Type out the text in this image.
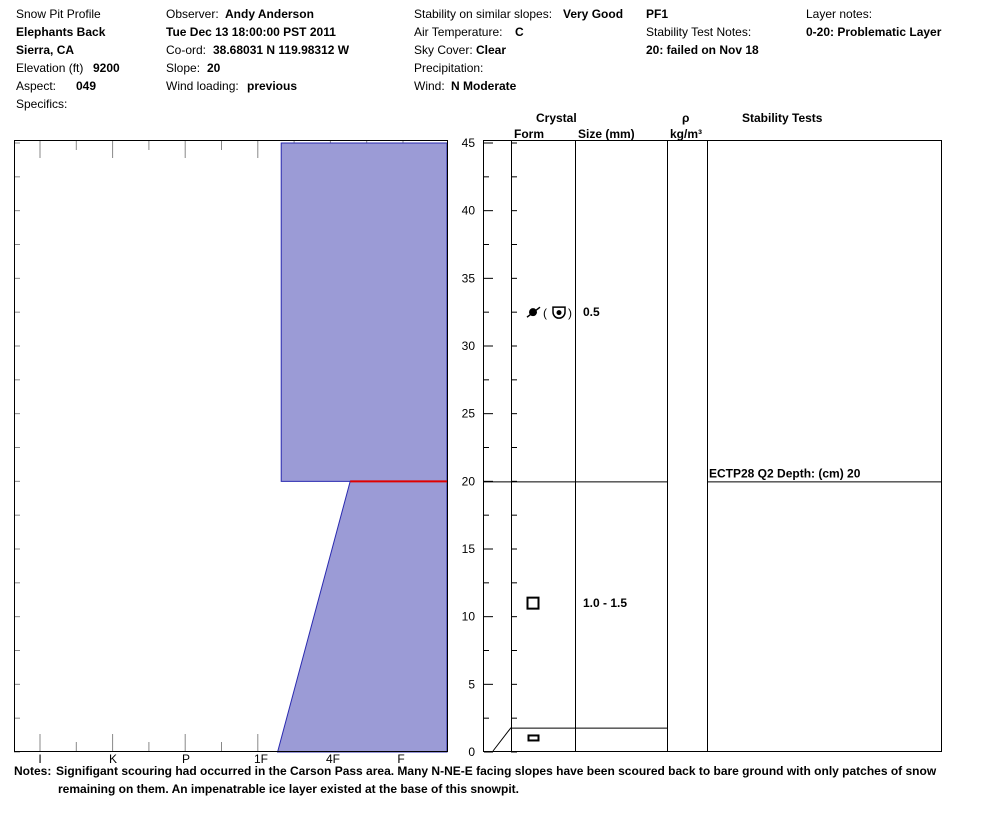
Snow Pit Profile
Elephants Back
Sierra, CA
Elevation (ft) 9200
Aspect: 049
Specifics:
Observer: Andy Anderson
Tue Dec 13 18:00:00 PST 2011
Co-ord: 38.68031 N 119.98312 W
Slope: 20
Wind loading: previous
Stability on similar slopes: Very Good
Air Temperature: C
Sky Cover: Clear
Precipitation:
Wind: N Moderate
PF1
Stability Test Notes:
20: failed on Nov 18
Layer notes:
0-20: Problematic Layer
Crystal
Form	Size (mm)
ρ
kg/m³
Stability Tests
I	K	P	1F	4F	F	0
5
10
15
20
25
30
35
40
45
( ) 0.5
1.0 - 1.5
ECTP28 Q2 Depth: (cm) 20
Notes: Signifigant scouring had occurred in the Carson Pass area. Many N-NE-E facing slopes have been scoured back to bare ground with only patches of snow
remaining on them. An impenatrable ice layer existed at the base of this snowpit.
